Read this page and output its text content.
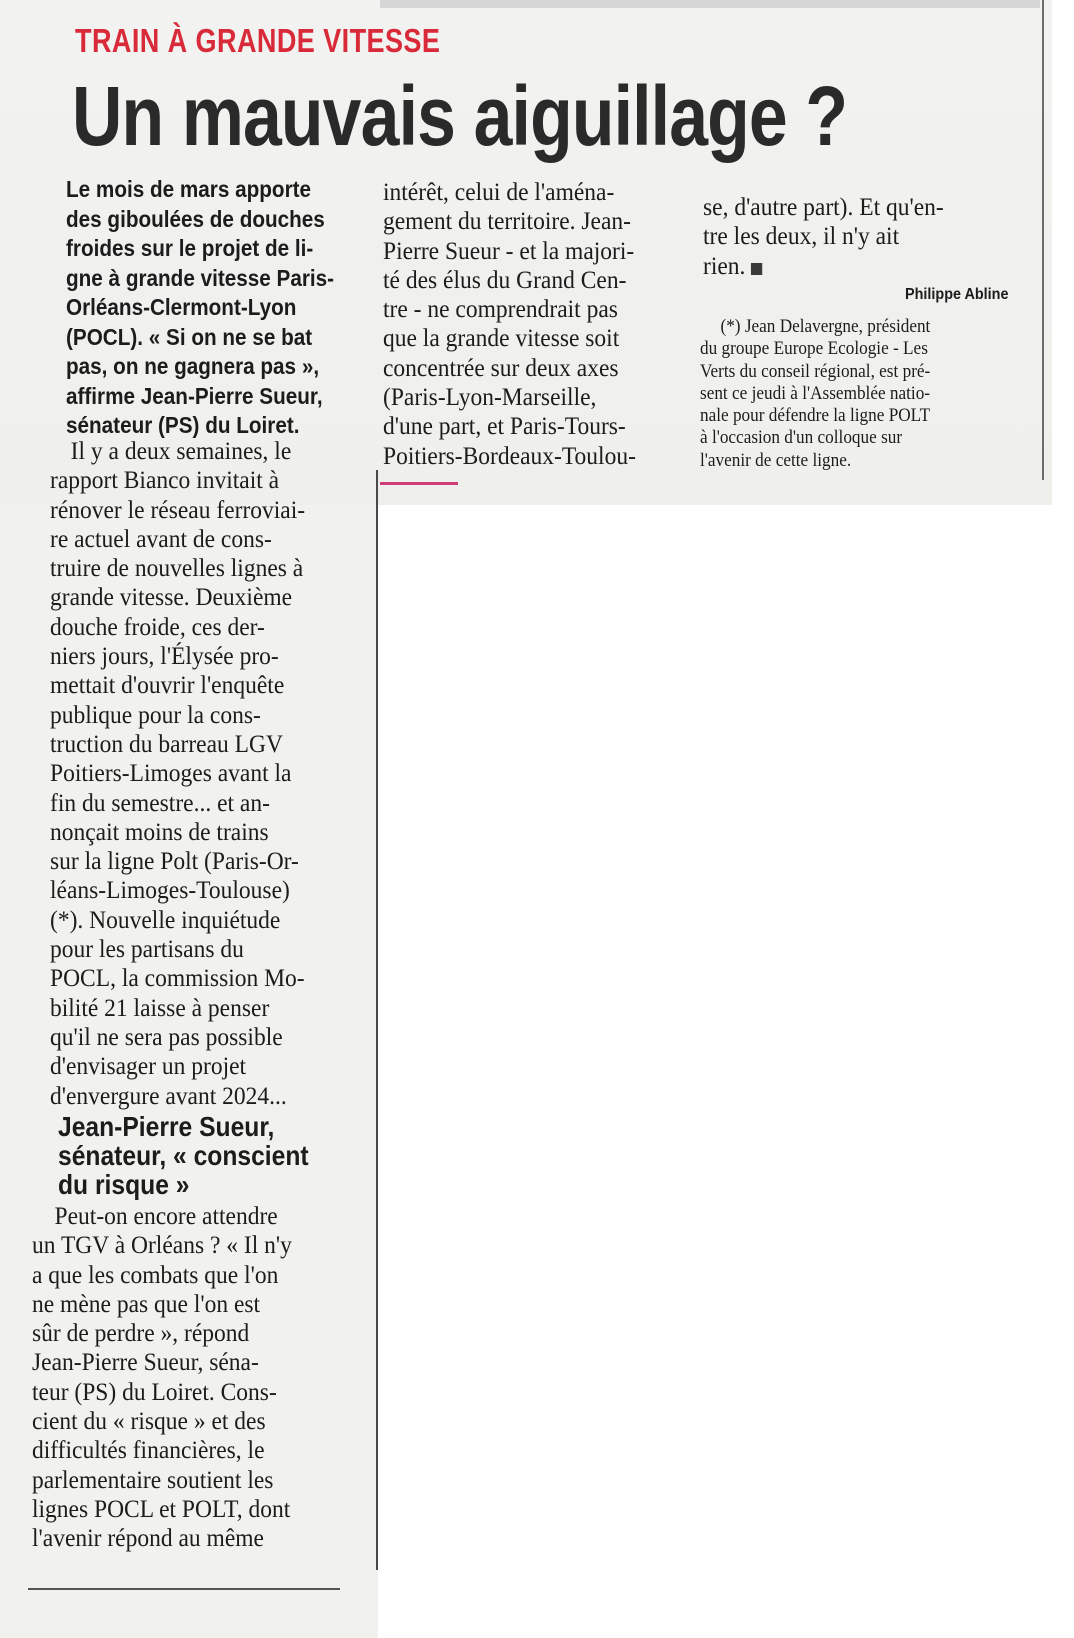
TRAIN À GRANDE VITESSE
Un mauvais aiguillage ?
Le mois de mars apporte
des giboulées de douches
froides sur le projet de li-
gne à grande vitesse Paris-
Orléans-Clermont-Lyon
(POCL). « Si on ne se bat
pas, on ne gagnera pas »,
affirme Jean-Pierre Sueur,
sénateur (PS) du Loiret.
Il y a deux semaines, le
rapport Bianco invitait à
rénover le réseau ferroviai-
re actuel avant de cons-
truire de nouvelles lignes à
grande vitesse. Deuxième
douche froide, ces der-
niers jours, l'Élysée pro-
mettait d'ouvrir l'enquête
publique pour la cons-
truction du barreau LGV
Poitiers-Limoges avant la
fin du semestre... et an-
nonçait moins de trains
sur la ligne Polt (Paris-Or-
léans-Limoges-Toulouse)
(*). Nouvelle inquiétude
pour les partisans du
POCL, la commission Mo-
bilité 21 laisse à penser
qu'il ne sera pas possible
d'envisager un projet
d'envergure avant 2024...
Jean-Pierre Sueur,
sénateur, « conscient
du risque »
Peut-on encore attendre
un TGV à Orléans ? « Il n'y
a que les combats que l'on
ne mène pas que l'on est
sûr de perdre », répond
Jean-Pierre Sueur, séna-
teur (PS) du Loiret. Cons-
cient du « risque » et des
difficultés financières, le
parlementaire soutient les
lignes POCL et POLT, dont
l'avenir répond au même
intérêt, celui de l'aména-
gement du territoire. Jean-
Pierre Sueur - et la majori-
té des élus du Grand Cen-
tre - ne comprendrait pas
que la grande vitesse soit
concentrée sur deux axes
(Paris-Lyon-Marseille,
d'une part, et Paris-Tours-
Poitiers-Bordeaux-Toulou-
se, d'autre part). Et qu'en-
tre les deux, il n'y ait
rien.
Philippe Abline
(*) Jean Delavergne, président
du groupe Europe Ecologie - Les
Verts du conseil régional, est pré-
sent ce jeudi à l'Assemblée natio-
nale pour défendre la ligne POLT
à l'occasion d'un colloque sur
l'avenir de cette ligne.
